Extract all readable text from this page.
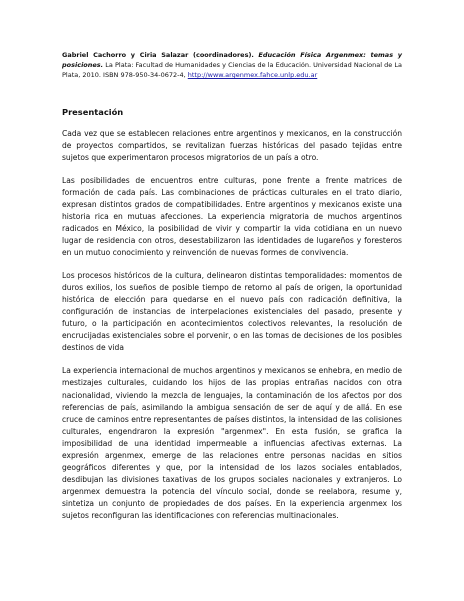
Gabriel Cachorro y Ciria Salazar (coordinadores). Educación Física Argenmex: temas y posiciones. La Plata: Facultad de Humanidades y Ciencias de la Educación. Universidad Nacional de La Plata, 2010. ISBN 978-950-34-0672-4, http://www.argenmex.fahce.unlp.edu.ar

Presentación

Cada vez que se establecen relaciones entre argentinos y mexicanos, en la construcción de proyectos compartidos, se revitalizan fuerzas históricas del pasado tejidas entre sujetos que experimentaron procesos migratorios de un país a otro.

Las posibilidades de encuentros entre culturas, pone frente a frente matrices de formación de cada país. Las combinaciones de prácticas culturales en el trato diario, expresan distintos grados de compatibilidades. Entre argentinos y mexicanos existe una historia rica en mutuas afecciones. La experiencia migratoria de muchos argentinos radicados en México, la posibilidad de vivir y compartir la vida cotidiana en un nuevo lugar de residencia con otros, desestabilizaron las identidades de lugareños y foresteros en un mutuo conocimiento y reinvención de nuevas formes de convivencia.

Los procesos históricos de la cultura, delinearon distintas temporalidades: momentos de duros exilios, los sueños de posible tiempo de retorno al país de origen, la oportunidad histórica de elección para quedarse en el nuevo país con radicación definitiva, la configuración de instancias de interpelaciones existenciales del pasado, presente y futuro, o la participación en acontecimientos colectivos relevantes, la resolución de encrucijadas existenciales sobre el porvenir, o en las tomas de decisiones de los posibles destinos de vida

La experiencia internacional de muchos argentinos y mexicanos se enhebra, en medio de mestizajes culturales, cuidando los hijos de las propias entrañas nacidos con otra nacionalidad, viviendo la mezcla de lenguajes, la contaminación de los afectos por dos referencias de país, asimilando la ambigua sensación de ser de aquí y de allá. En ese cruce de caminos entre representantes de países distintos, la intensidad de las colisiones culturales, engendraron la expresión "argenmex". En esta fusión, se grafica la imposibilidad de una identidad impermeable a influencias afectivas externas. La expresión argenmex, emerge de las relaciones entre personas nacidas en sitios geográficos diferentes y que, por la intensidad de los lazos sociales entablados, desdibujan las divisiones taxativas de los grupos sociales nacionales y extranjeros. Lo argenmex demuestra la potencia del vínculo social, donde se reelabora, resume y, sintetiza un conjunto de propiedades de dos países. En la experiencia argenmex los sujetos reconfiguran las identificaciones con referencias multinacionales.
